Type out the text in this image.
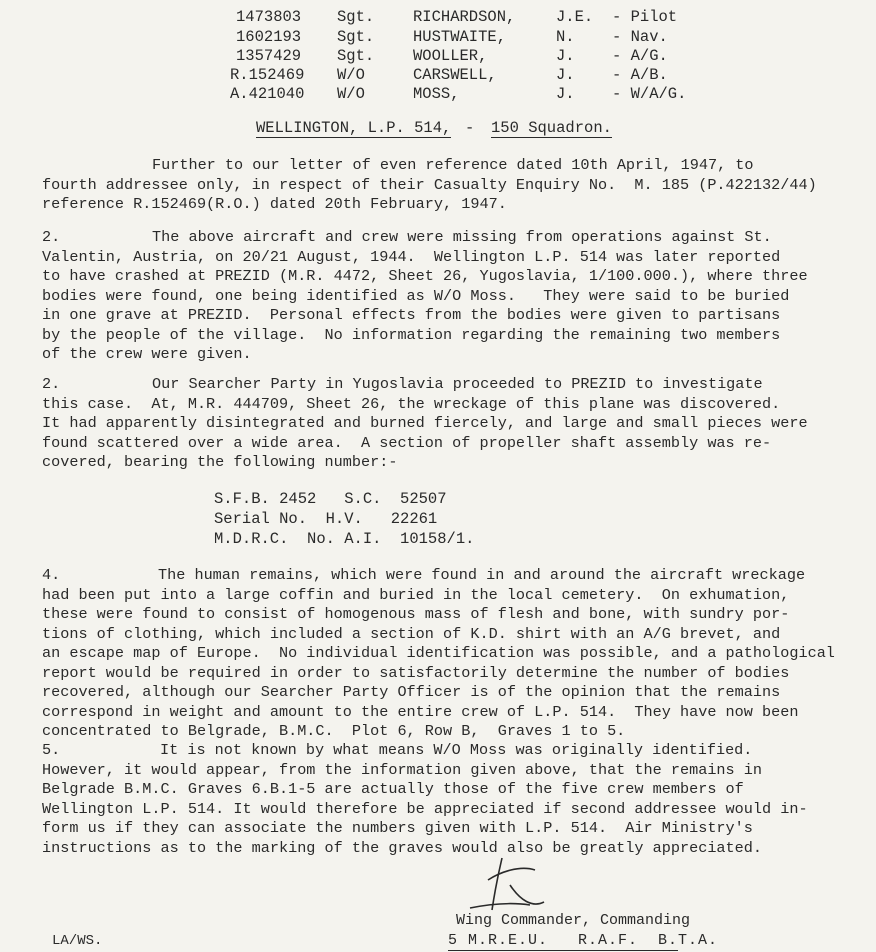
1473803 Sgt.	RICHARDSON,	J.E. - Pilot
1602193 Sgt.	HUSTWAITE,	N. - Nav.
1357429 Sgt.	WOOLLER,	J. - A/G.
R.152469 W/O	CARSWELL,	J. - A/B.
A.421040 W/O	MOSS,	J. - W/A/G.
WELLINGTON, L.P. 514, - 150 Squadron.
Further to our letter of even reference dated 10th April, 1947, to
fourth addressee only, in respect of their Casualty Enquiry No.  M. 185 (P.422132/44)
reference R.152469(R.O.) dated 20th February, 1947.
2.	The above aircraft and crew were missing from operations against St.
Valentin, Austria, on 20/21 August, 1944.  Wellington L.P. 514 was later reported
to have crashed at PREZID (M.R. 4472, Sheet 26, Yugoslavia, 1/100.000.), where three
bodies were found, one being identified as W/O Moss.   They were said to be buried
in one grave at PREZID.  Personal effects from the bodies were given to partisans
by the people of the village.  No information regarding the remaining two members
of the crew were given.
2.	Our Searcher Party in Yugoslavia proceeded to PREZID to investigate
this case.  At, M.R. 444709, Sheet 26, the wreckage of this plane was discovered.
It had apparently disintegrated and burned fiercely, and large and small pieces were
found scattered over a wide area.  A section of propeller shaft assembly was re-
covered, bearing the following number:-
S.F.B. 2452   S.C.  52507
Serial No.  H.V.   22261
M.D.R.C.  No. A.I.  10158/1.
4.	The human remains, which were found in and around the aircraft wreckage
had been put into a large coffin and buried in the local cemetery.  On exhumation,
these were found to consist of homogenous mass of flesh and bone, with sundry por-
tions of clothing, which included a section of K.D. shirt with an A/G brevet, and
an escape map of Europe.  No individual identification was possible, and a pathological
report would be required in order to satisfactorily determine the number of bodies
recovered, although our Searcher Party Officer is of the opinion that the remains
correspond in weight and amount to the entire crew of L.P. 514.  They have now been
concentrated to Belgrade, B.M.C.  Plot 6, Row B,  Graves 1 to 5.
5.	It is not known by what means W/O Moss was originally identified.
However, it would appear, from the information given above, that the remains in
Belgrade B.M.C. Graves 6.B.1-5 are actually those of the five crew members of
Wellington L.P. 514. It would therefore be appreciated if second addressee would in-
form us if they can associate the numbers given with L.P. 514.  Air Ministry's
instructions as to the marking of the graves would also be greatly appreciated.
Wing Commander, Commanding
5 M.R.E.U.   R.A.F.  B.T.A.
LA/WS.
